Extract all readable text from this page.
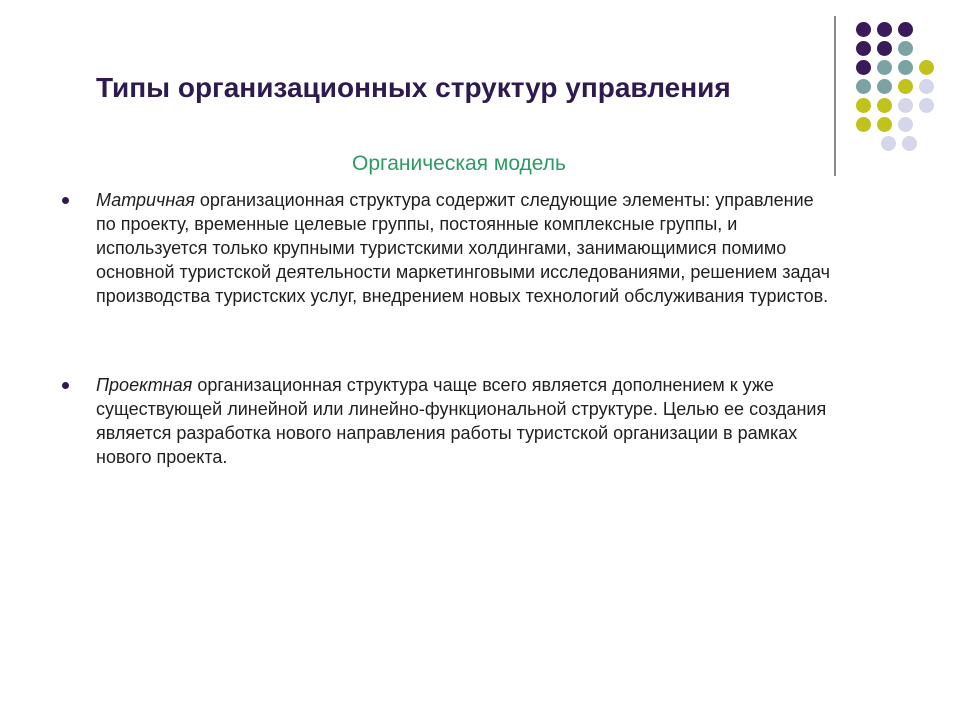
Типы организационных структур управления
Органическая модель
Матричная организационная структура содержит следующие элементы: управление по проекту, временные целевые группы, постоянные комплексные группы, и используется только крупными туристскими холдингами, занимающимися помимо основной туристской деятельности маркетинговыми исследованиями, решением задач производства туристских услуг, внедрением новых технологий обслуживания туристов.
Проектная организационная структура чаще всего является дополнением к уже существующей линейной или линейно-функциональной структуре. Целью ее создания является разработка нового направления работы туристской организации в рамках нового проекта.
